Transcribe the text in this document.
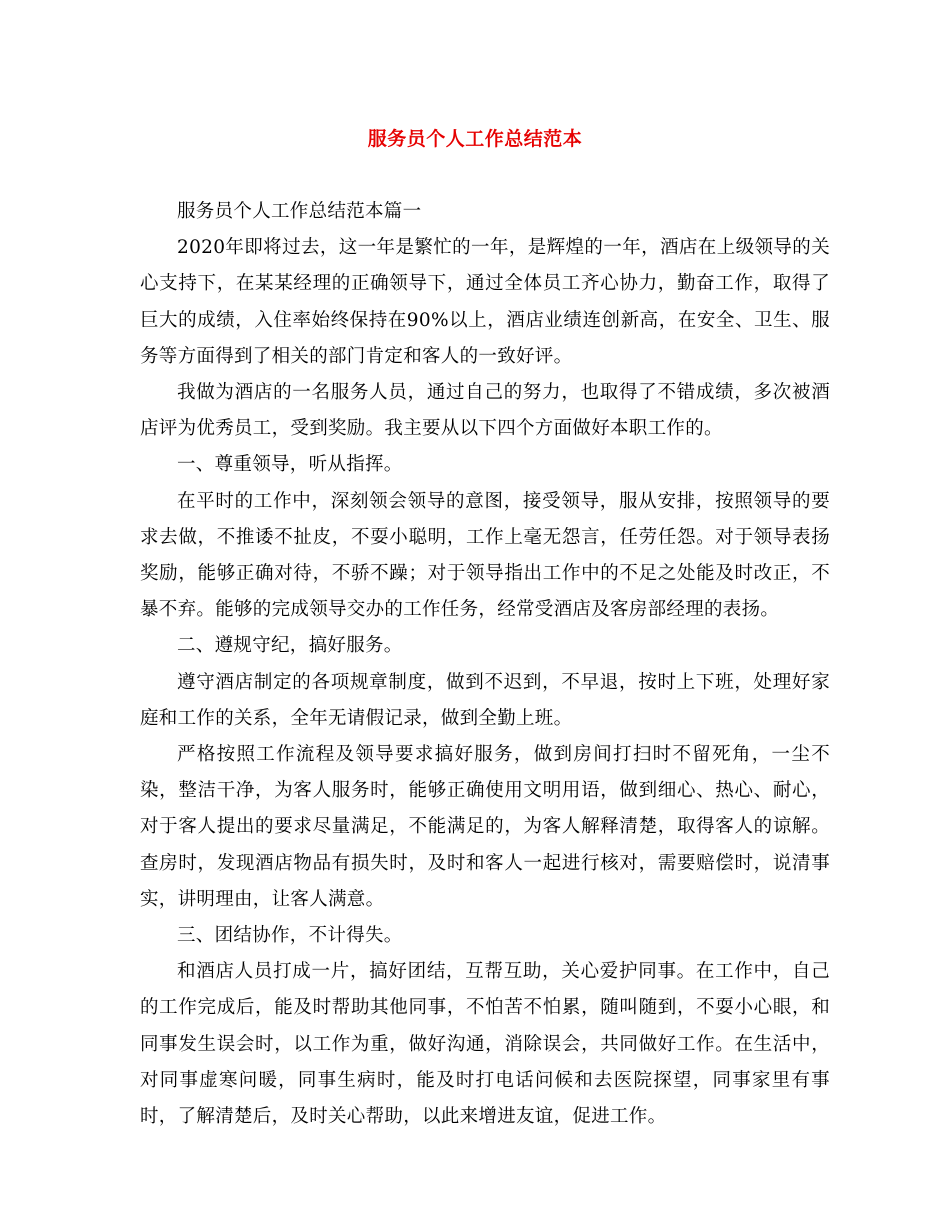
服务员个人工作总结范本

服务员个人工作总结范本篇一

2020年即将过去，这一年是繁忙的一年，是辉煌的一年，酒店在上级领导的关心支持下，在某某经理的正确领导下，通过全体员工齐心协力，勤奋工作，取得了巨大的成绩，入住率始终保持在90%以上，酒店业绩连创新高，在安全、卫生、服务等方面得到了相关的部门肯定和客人的一致好评。

我做为酒店的一名服务人员，通过自己的努力，也取得了不错成绩，多次被酒店评为优秀员工，受到奖励。我主要从以下四个方面做好本职工作的。

一、尊重领导，听从指挥。

在平时的工作中，深刻领会领导的意图，接受领导，服从安排，按照领导的要求去做，不推诿不扯皮，不耍小聪明，工作上毫无怨言，任劳任怨。对于领导表扬奖励，能够正确对待，不骄不躁；对于领导指出工作中的不足之处能及时改正，不暴不弃。能够的完成领导交办的工作任务，经常受酒店及客房部经理的表扬。

二、遵规守纪，搞好服务。

遵守酒店制定的各项规章制度，做到不迟到，不早退，按时上下班，处理好家庭和工作的关系，全年无请假记录，做到全勤上班。

严格按照工作流程及领导要求搞好服务，做到房间打扫时不留死角，一尘不染，整洁干净，为客人服务时，能够正确使用文明用语，做到细心、热心、耐心，对于客人提出的要求尽量满足，不能满足的，为客人解释清楚，取得客人的谅解。查房时，发现酒店物品有损失时，及时和客人一起进行核对，需要赔偿时，说清事实，讲明理由，让客人满意。

三、团结协作，不计得失。

和酒店人员打成一片，搞好团结，互帮互助，关心爱护同事。在工作中，自己的工作完成后，能及时帮助其他同事，不怕苦不怕累，随叫随到，不耍小心眼，和同事发生误会时，以工作为重，做好沟通，消除误会，共同做好工作。在生活中，对同事虚寒问暖，同事生病时，能及时打电话问候和去医院探望，同事家里有事时，了解清楚后，及时关心帮助，以此来增进友谊，促进工作。
